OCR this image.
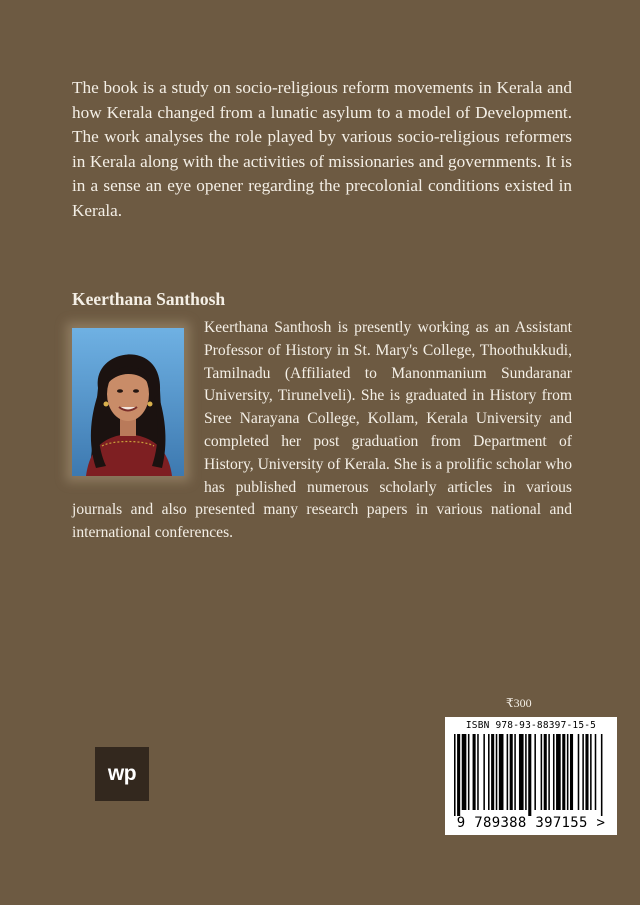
The book is a study on socio-religious reform movements in Kerala and how Kerala changed from a lunatic asylum to a model of Development. The work analyses the role played by various socio-religious reformers in Kerala along with the activities of missionaries and governments. It is in a sense an eye opener regarding the precolonial conditions existed in Kerala.

Keerthana Santhosh

Keerthana Santhosh is presently working as an Assistant Professor of History in St. Mary's College, Thoothukkudi, Tamilnadu (Affiliated to Manonmanium Sundaranar University, Tirunelveli). She is graduated in History from Sree Narayana College, Kollam, Kerala University and completed her post graduation from Department of History, University of Kerala. She is a prolific scholar who has published numerous scholarly articles in various journals and also presented many research papers in various national and international conferences.

₹300

wp
ISBN 978-93-88397-15-5
9 789388 397155 >
